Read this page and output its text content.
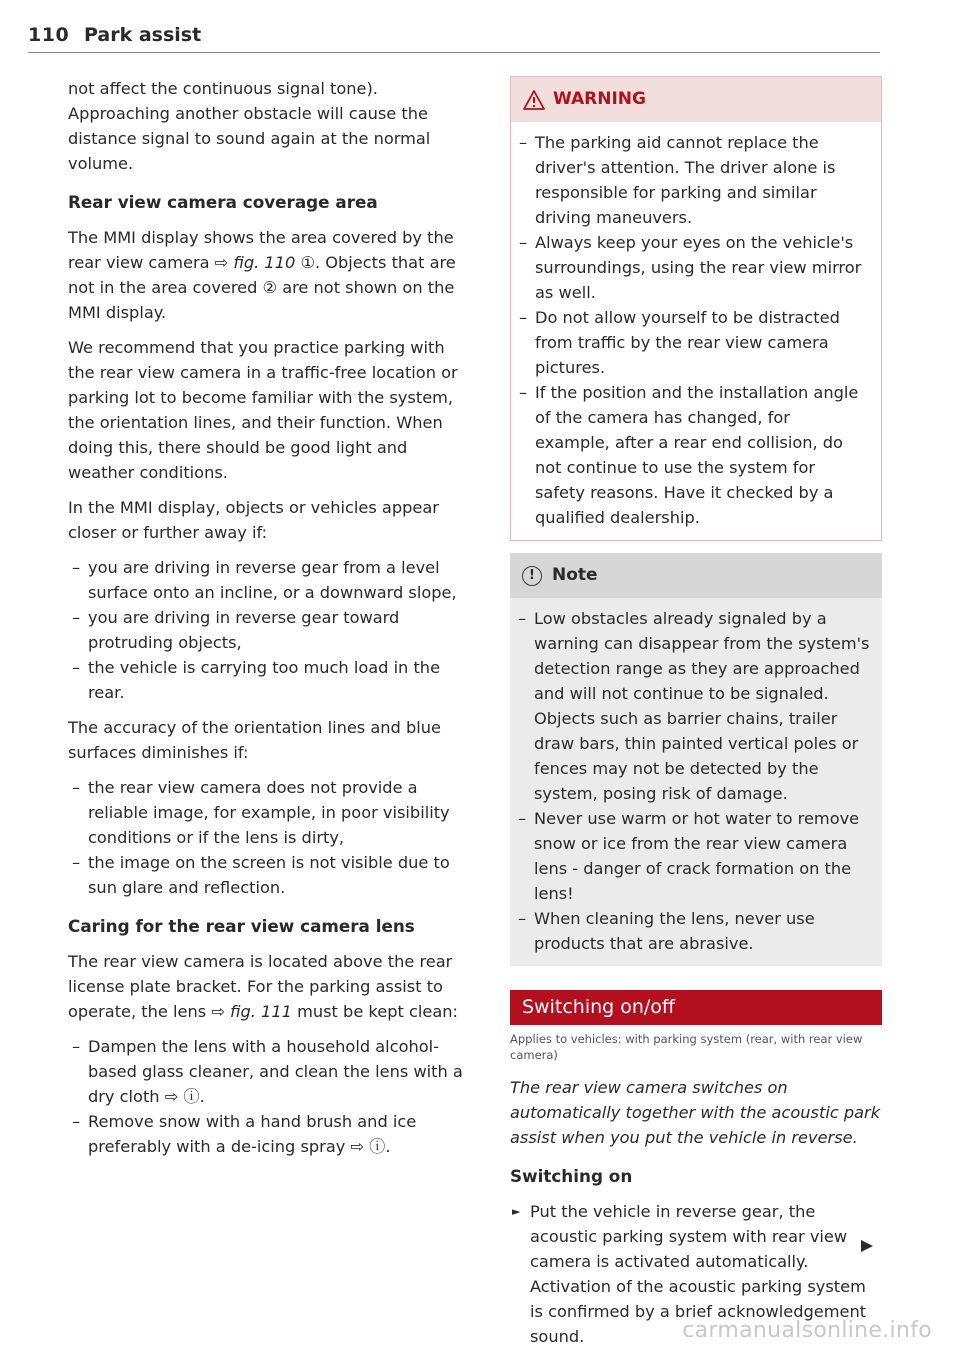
110 Park assist

not affect the continuous signal tone). Approaching another obstacle will cause the distance signal to sound again at the normal volume.

Rear view camera coverage area

The MMI display shows the area covered by the rear view camera ⇨ fig. 110 ①. Objects that are not in the area covered ② are not shown on the MMI display.

We recommend that you practice parking with the rear view camera in a traffic-free location or parking lot to become familiar with the system, the orientation lines, and their function. When doing this, there should be good light and weather conditions.

In the MMI display, objects or vehicles appear closer or further away if:

– you are driving in reverse gear from a level surface onto an incline, or a downward slope,
– you are driving in reverse gear toward protruding objects,
– the vehicle is carrying too much load in the rear.

The accuracy of the orientation lines and blue surfaces diminishes if:

– the rear view camera does not provide a reliable image, for example, in poor visibility conditions or if the lens is dirty,
– the image on the screen is not visible due to sun glare and reflection.
Caring for the rear view camera lens

The rear view camera is located above the rear license plate bracket. For the parking assist to operate, the lens ⇨ fig. 111 must be kept clean:

– Dampen the lens with a household alcohol-based glass cleaner, and clean the lens with a dry cloth ⇨ ⓘ.
– Remove snow with a hand brush and ice preferably with a de-icing spray ⇨ ⓘ.
WARNING
– The parking aid cannot replace the driver's attention. The driver alone is responsible for parking and similar driving maneuvers.
– Always keep your eyes on the vehicle's surroundings, using the rear view mirror as well.
– Do not allow yourself to be distracted from traffic by the rear view camera pictures.
– If the position and the installation angle of the camera has changed, for example, after a rear end collision, do not continue to use the system for safety reasons. Have it checked by a qualified dealership.
!	Note
– Low obstacles already signaled by a warning can disappear from the system's detection range as they are approached and will not continue to be signaled. Objects such as barrier chains, trailer draw bars, thin painted vertical poles or fences may not be detected by the system, posing risk of damage.
– Never use warm or hot water to remove snow or ice from the rear view camera lens - danger of crack formation on the lens!
– When cleaning the lens, never use products that are abrasive.
Switching on/off
Applies to vehicles: with parking system (rear, with rear view camera)

The rear view camera switches on automatically together with the acoustic park assist when you put the vehicle in reverse.

Switching on

► Put the vehicle in reverse gear, the acoustic parking system with rear view camera is activated automatically. Activation of the acoustic parking system is confirmed by a brief acknowledgement sound.	carmanualsonline.info
